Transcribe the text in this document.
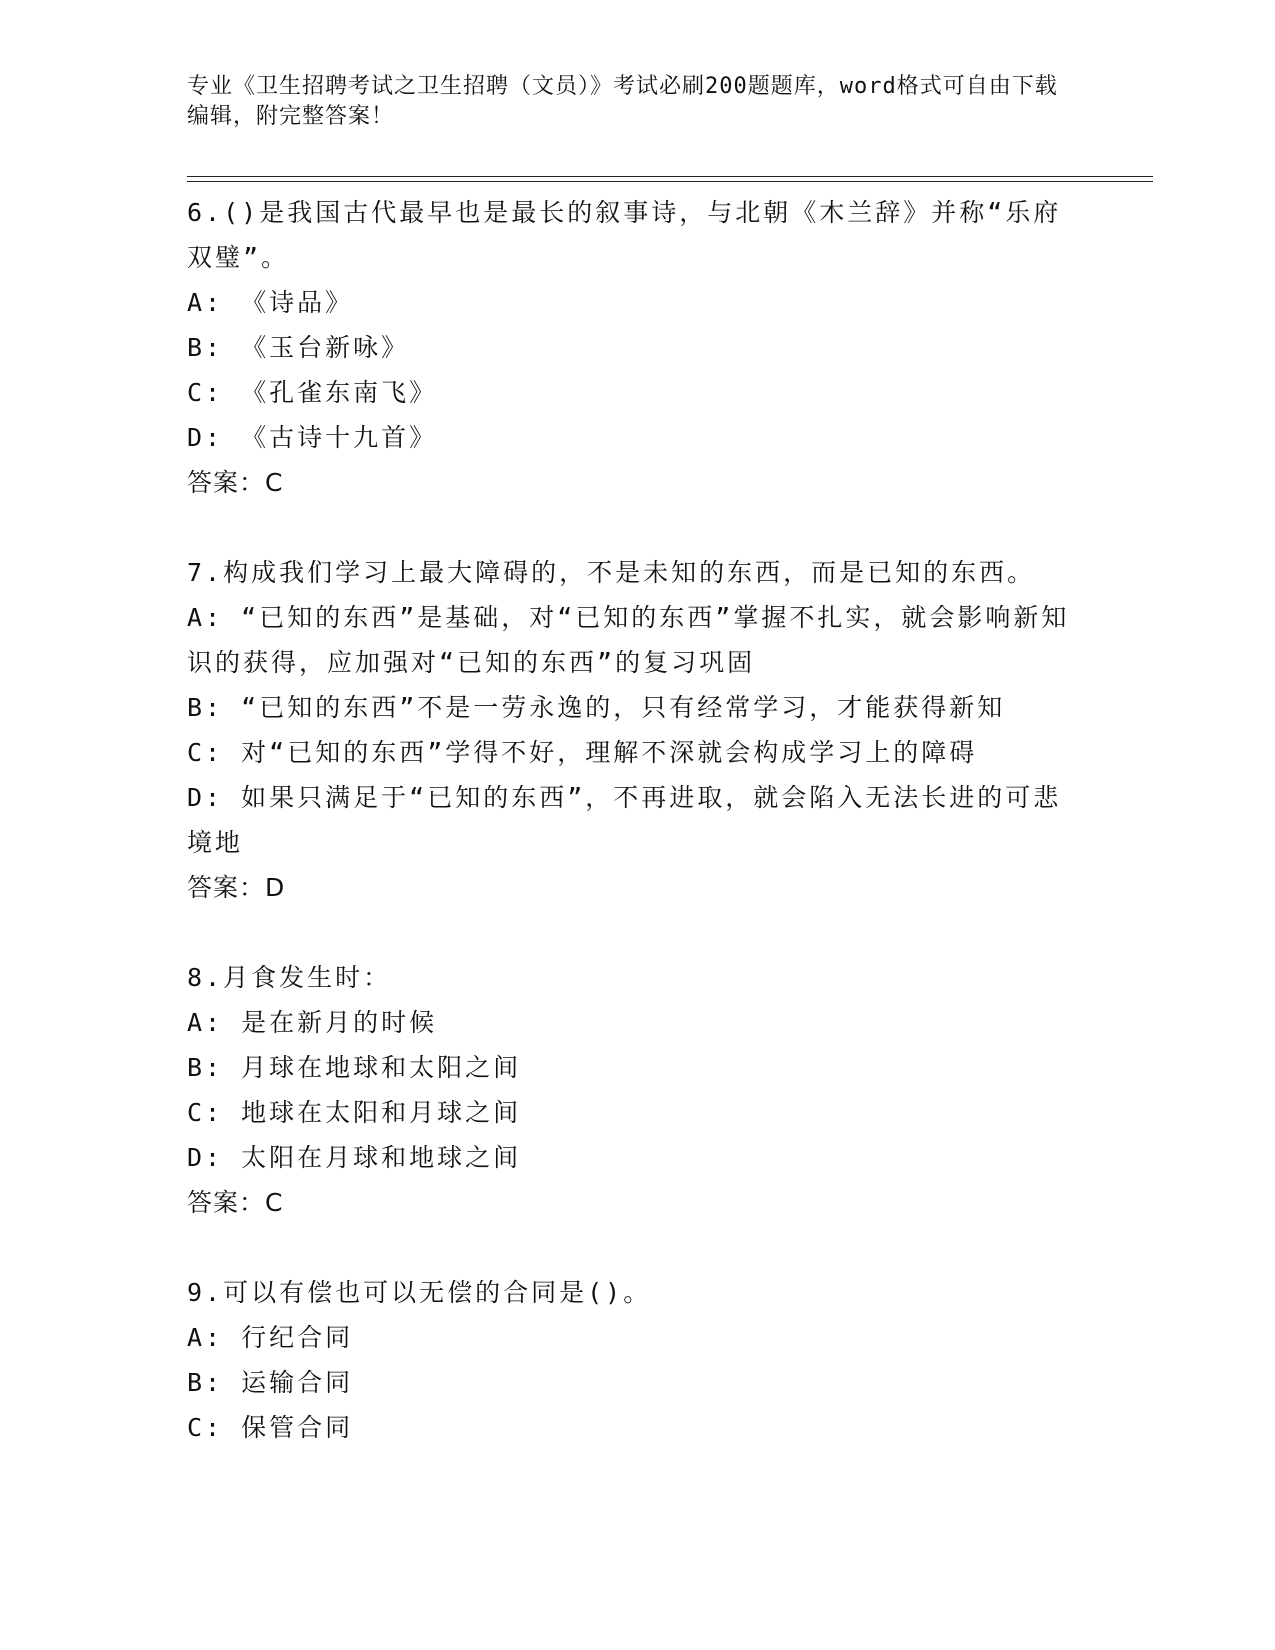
专业《卫生招聘考试之卫生招聘（文员）》考试必刷200题题库，word格式可自由下载编辑，附完整答案！
6.()是我国古代最早也是最长的叙事诗，与北朝《木兰辞》并称“乐府双璧”。
A: 《诗品》
B: 《玉台新咏》
C: 《孔雀东南飞》
D: 《古诗十九首》
答案：C
7.构成我们学习上最大障碍的，不是未知的东西，而是已知的东西。
A: “已知的东西”是基础，对“已知的东西”掌握不扎实，就会影响新知识的获得，应加强对“已知的东西”的复习巩固
B: “已知的东西”不是一劳永逸的，只有经常学习，才能获得新知
C: 对“已知的东西”学得不好，理解不深就会构成学习上的障碍
D: 如果只满足于“已知的东西”，不再进取，就会陷入无法长进的可悲境地
答案：D
8.月食发生时：
A: 是在新月的时候
B: 月球在地球和太阳之间
C: 地球在太阳和月球之间
D: 太阳在月球和地球之间
答案：C
9.可以有偿也可以无偿的合同是()。
A: 行纪合同
B: 运输合同
C: 保管合同
